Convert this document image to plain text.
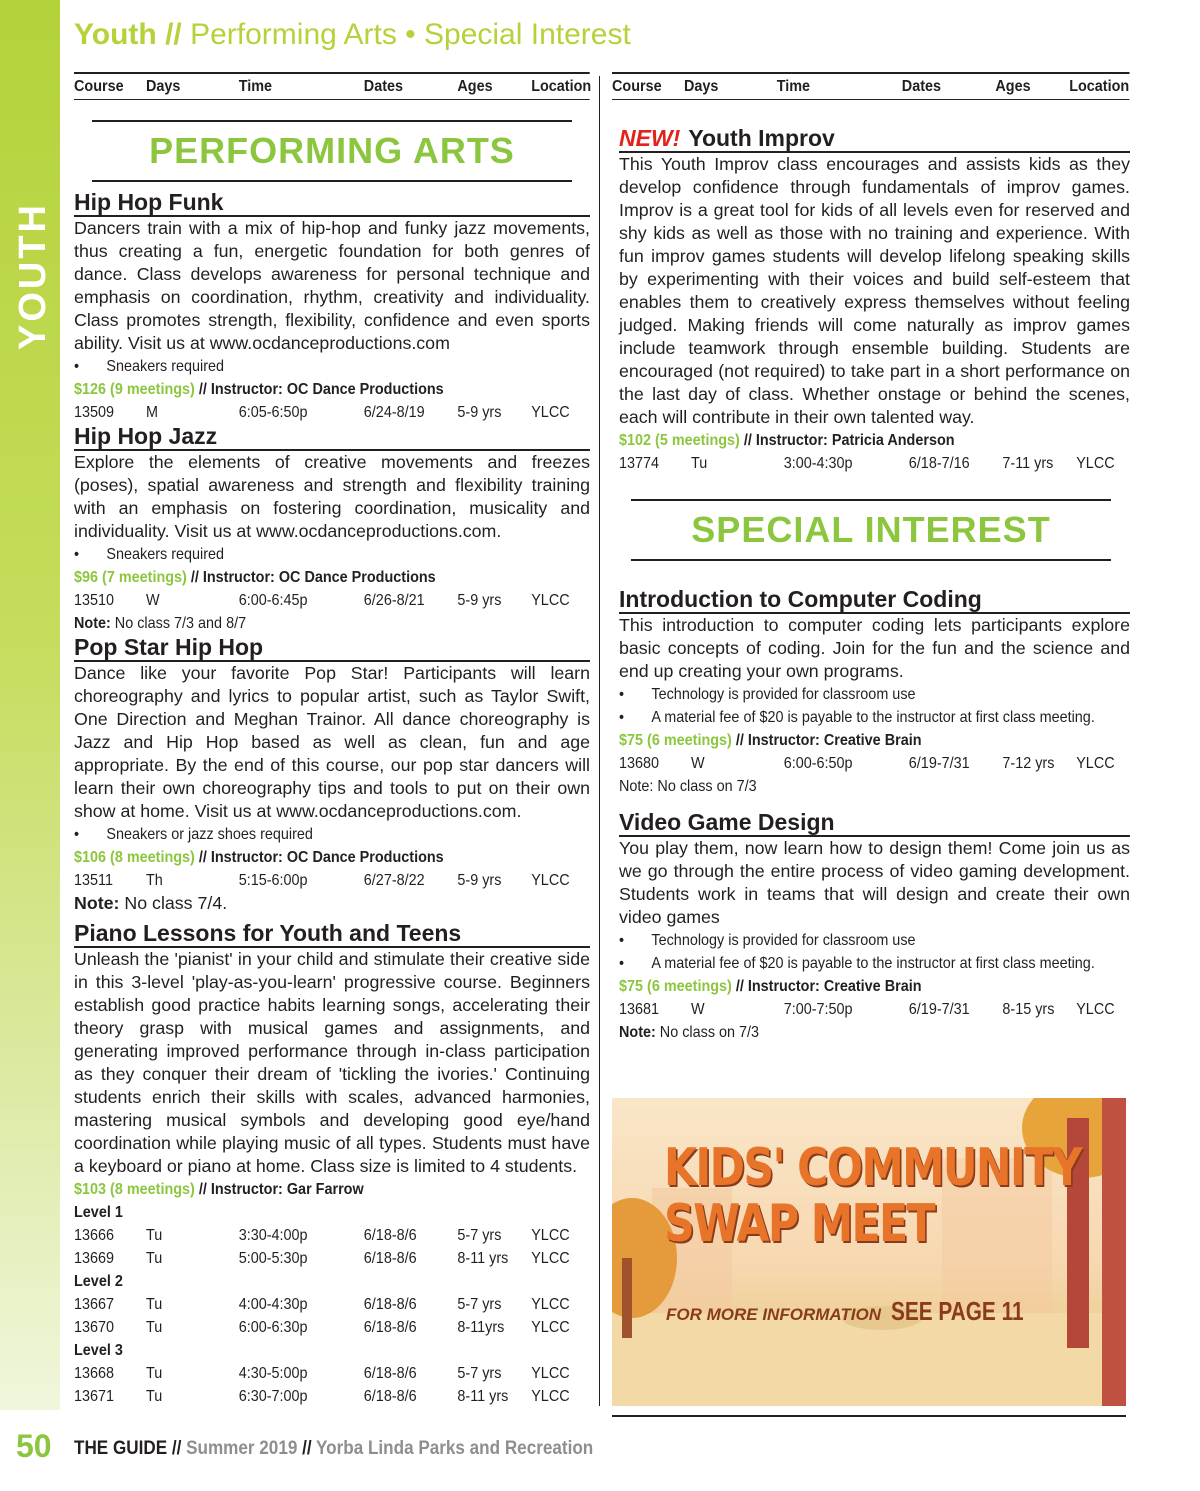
YOUTH
Youth // Performing Arts • Special Interest
Course Days	Time	Dates	Ages Location
PERFORMING ARTS
Hip Hop Funk
Dancers train with a mix of hip-hop and funky jazz movements, thus creating a fun, energetic foundation for both genres of dance. Class develops awareness for personal technique and emphasis on coordination, rhythm, creativity and individuality. Class promotes strength, flexibility, confidence and even sports ability. Visit us at www.ocdanceproductions.com
• Sneakers required
$126 (9 meetings) // Instructor: OC Dance Productions
13509 M	6:05-6:50p	6/24-8/19 5-9 yrs YLCC
Hip Hop Jazz
Explore the elements of creative movements and freezes (poses), spatial awareness and strength and flexibility training with an emphasis on fostering coordination, musicality and individuality. Visit us at www.ocdanceproductions.com.
• Sneakers required
$96 (7 meetings) // Instructor: OC Dance Productions
13510 W	6:00-6:45p	6/26-8/21 5-9 yrs YLCC
Note: No class 7/3 and 8/7
Pop Star Hip Hop
Dance like your favorite Pop Star! Participants will learn choreography and lyrics to popular artist, such as Taylor Swift, One Direction and Meghan Trainor. All dance choreography is Jazz and Hip Hop based as well as clean, fun and age appropriate. By the end of this course, our pop star dancers will learn their own choreography tips and tools to put on their own show at home. Visit us at www.ocdanceproductions.com.
• Sneakers or jazz shoes required
$106 (8 meetings) // Instructor: OC Dance Productions
13511 Th	5:15-6:00p	6/27-8/22 5-9 yrs YLCC
Note: No class 7/4.
Piano Lessons for Youth and Teens
Unleash the 'pianist' in your child and stimulate their creative side in this 3-level 'play-as-you-learn' progressive course. Beginners establish good practice habits learning songs, accelerating their theory grasp with musical games and assignments, and generating improved performance through in-class participation as they conquer their dream of 'tickling the ivories.' Continuing students enrich their skills with scales, advanced harmonies, mastering musical symbols and developing good eye/hand coordination while playing music of all types. Students must have a keyboard or piano at home. Class size is limited to 4 students.
$103 (8 meetings) // Instructor: Gar Farrow
Level 1
13666 Tu	3:30-4:00p	6/18-8/6	5-7 yrs YLCC
13669 Tu	5:00-5:30p	6/18-8/6	8-11 yrs YLCC
Level 2
13667 Tu	4:00-4:30p	6/18-8/6	5-7 yrs YLCC
13670 Tu	6:00-6:30p	6/18-8/6	8-11yrs YLCC
Level 3
13668 Tu	4:30-5:00p	6/18-8/6	5-7 yrs YLCC
13671 Tu	6:30-7:00p	6/18-8/6	8-11 yrs YLCC
Course Days	Time	Dates	Ages Location
NEW! Youth Improv
This Youth Improv class encourages and assists kids as they develop confidence through fundamentals of improv games. Improv is a great tool for kids of all levels even for reserved and shy kids as well as those with no training and experience. With fun improv games students will develop lifelong speaking skills by experimenting with their voices and build self-esteem that enables them to creatively express themselves without feeling judged. Making friends will come naturally as improv games include teamwork through ensemble building. Students are encouraged (not required) to take part in a short performance on the last day of class. Whether onstage or behind the scenes, each will contribute in their own talented way.
$102 (5 meetings) // Instructor: Patricia Anderson
13774 Tu	3:00-4:30p	6/18-7/16 7-11 yrs YLCC
SPECIAL INTEREST
Introduction to Computer Coding
This introduction to computer coding lets participants explore basic concepts of coding. Join for the fun and the science and end up creating your own programs.
• Technology is provided for classroom use
• A material fee of $20 is payable to the instructor at first class meeting.
$75 (6 meetings) // Instructor: Creative Brain
13680 W	6:00-6:50p	6/19-7/31 7-12 yrs YLCC
Note: No class on 7/3
Video Game Design
You play them, now learn how to design them! Come join us as we go through the entire process of video gaming development. Students work in teams that will design and create their own video games
• Technology is provided for classroom use
• A material fee of $20 is payable to the instructor at first class meeting.
$75 (6 meetings) // Instructor: Creative Brain
13681 W	7:00-7:50p	6/19-7/31 8-15 yrs YLCC
Note: No class on 7/3
KIDS' COMMUNITY
SWAP MEET
FOR MORE INFORMATION SEE PAGE 11
50 THE GUIDE // Summer 2019 // Yorba Linda Parks and Recreation
